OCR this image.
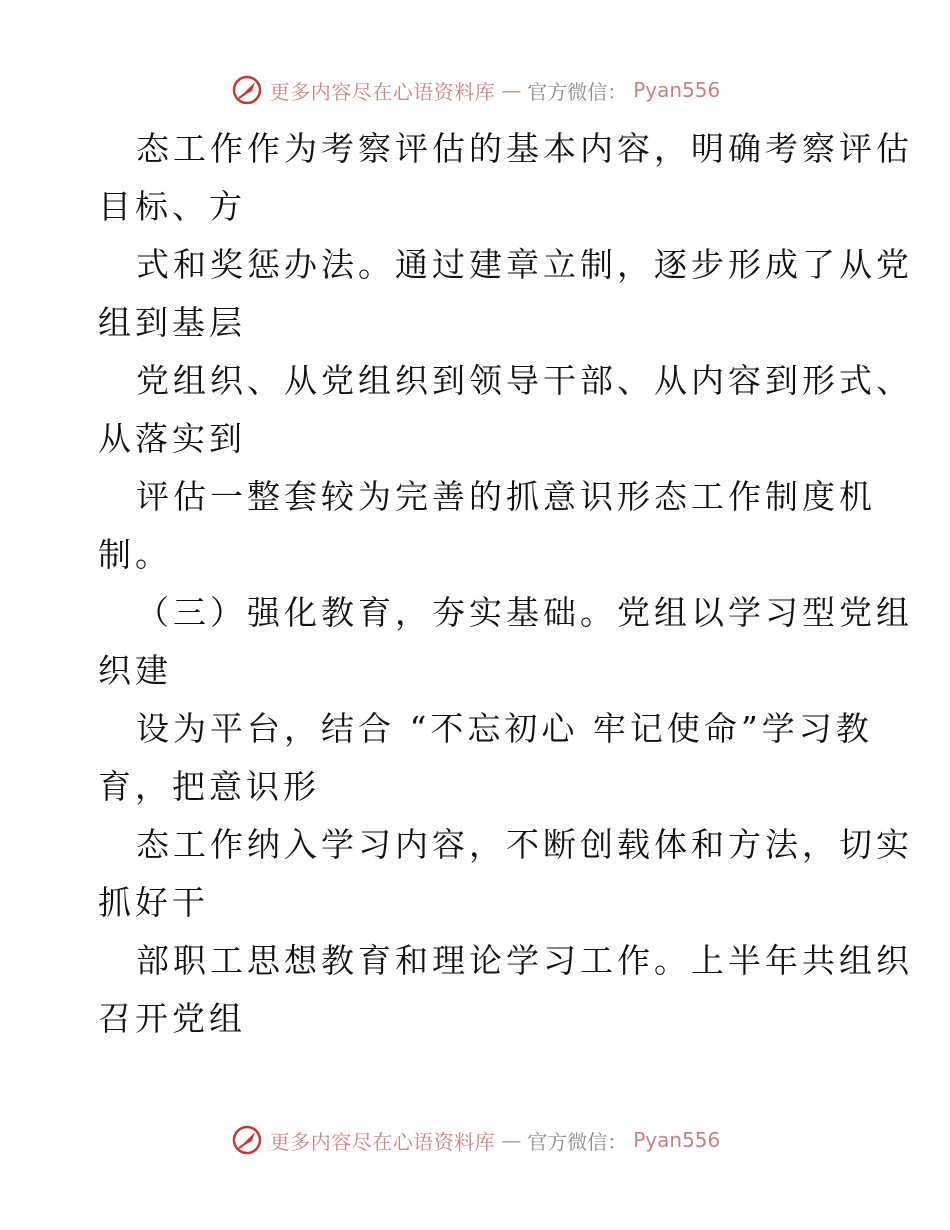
更多内容尽在心语资料库 — 官方微信： Pyan556
态工作作为考察评估的基本内容，明确考察评估
目标、方
式和奖惩办法。通过建章立制，逐步形成了从党
组到基层
党组织、从党组织到领导干部、从内容到形式、
从落实到
评估一整套较为完善的抓意识形态工作制度机
制。
（三）强化教育，夯实基础。党组以学习型党组
织建
设为平台，结合 “不忘初心 牢记使命”学习教
育，把意识形
态工作纳入学习内容，不断创载体和方法，切实
抓好干
部职工思想教育和理论学习工作。上半年共组织
召开党组
更多内容尽在心语资料库 — 官方微信： Pyan556
